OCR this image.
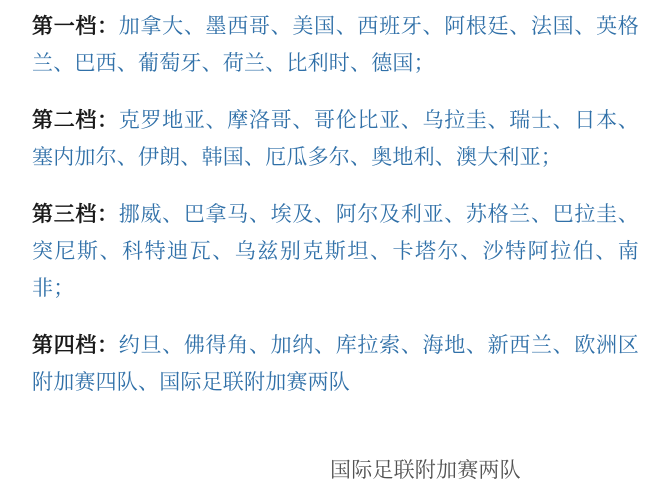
第一档：加拿大、墨西哥、美国、西班牙、阿根廷、法国、英格兰、巴西、葡萄牙、荷兰、比利时、德国；

第二档：克罗地亚、摩洛哥、哥伦比亚、乌拉圭、瑞士、日本、塞内加尔、伊朗、韩国、厄瓜多尔、奥地利、澳大利亚；

第三档：挪威、巴拿马、埃及、阿尔及利亚、苏格兰、巴拉圭、突尼斯、科特迪瓦、乌兹别克斯坦、卡塔尔、沙特阿拉伯、南非；

第四档：约旦、佛得角、加纳、库拉索、海地、新西兰、欧洲区附加赛四队、国际足联附加赛两队

国际足联附加赛两队
